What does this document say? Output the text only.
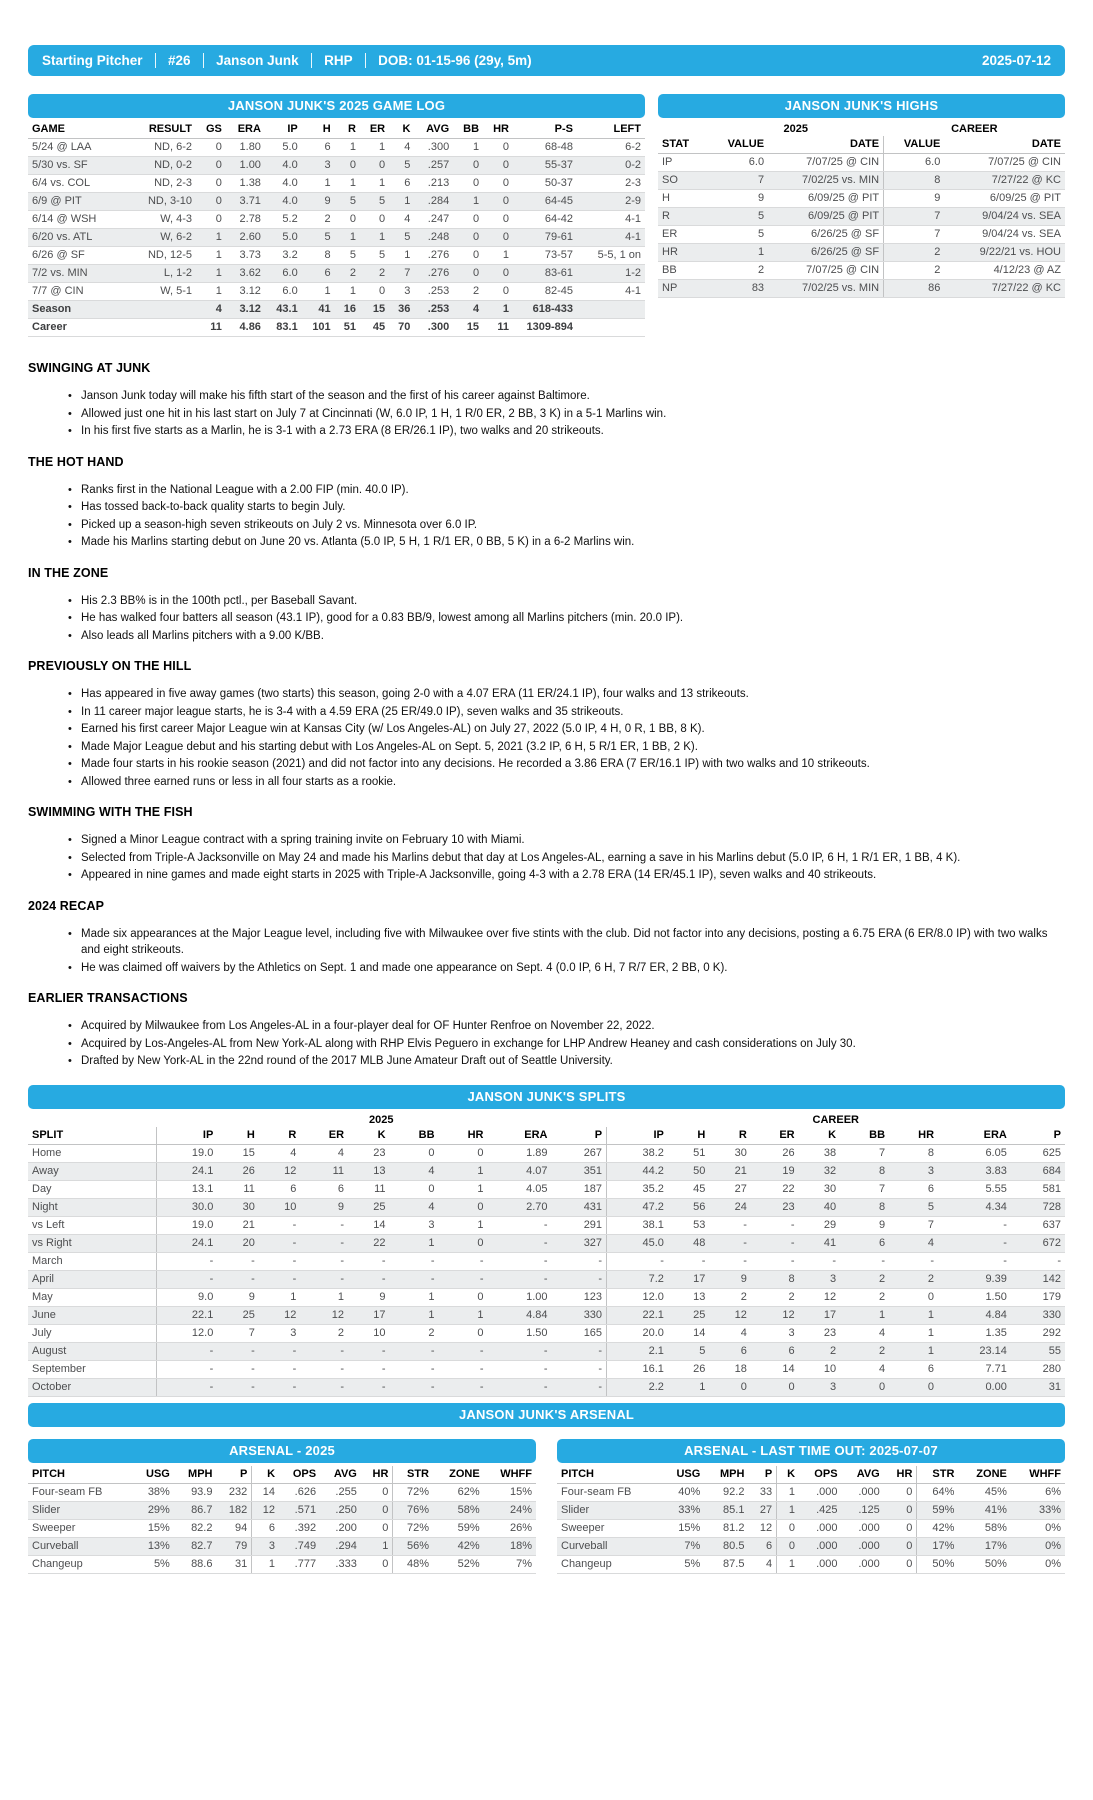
Starting Pitcher #26 Janson Junk RHP DOB: 01-15-96 (29y, 5m)	2025-07-12
JANSON JUNK'S 2025 GAME LOG
GAME	RESULT	GS	ERA	IP	H	R	ER	K	AVG	BB	HR	P-S	LEFT
5/24 @ LAA	ND, 6-2	0	1.80	5.0	6	1	1	4	.300	1	0	68-48	6-2
5/30 vs. SF	ND, 0-2	0	1.00	4.0	3	0	0	5	.257	0	0	55-37	0-2
6/4 vs. COL	ND, 2-3	0	1.38	4.0	1	1	1	6	.213	0	0	50-37	2-3
6/9 @ PIT	ND, 3-10	0	3.71	4.0	9	5	5	1	.284	1	0	64-45	2-9
6/14 @ WSH	W, 4-3	0	2.78	5.2	2	0	0	4	.247	0	0	64-42	4-1
6/20 vs. ATL	W, 6-2	1	2.60	5.0	5	1	1	5	.248	0	0	79-61	4-1
6/26 @ SF	ND, 12-5	1	3.73	3.2	8	5	5	1	.276	0	1	73-57	5-5, 1 on
7/2 vs. MIN	L, 1-2	1	3.62	6.0	6	2	2	7	.276	0	0	83-61	1-2
7/7 @ CIN	W, 5-1	1	3.12	6.0	1	1	0	3	.253	2	0	82-45	4-1
Season		4	3.12	43.1	41	16	15	36	.253	4	1	618-433	
Career		11	4.86	83.1	101	51	45	70	.300	15	11	1309-894	
JANSON JUNK'S HIGHS
	2025		CAREER	
STAT	VALUE	DATE	VALUE	DATE
IP	6.0	7/07/25 @ CIN	6.0	7/07/25 @ CIN
SO	7	7/02/25 vs. MIN	8	7/27/22 @ KC
H	9	6/09/25 @ PIT	9	6/09/25 @ PIT
R	5	6/09/25 @ PIT	7	9/04/24 vs. SEA
ER	5	6/26/25 @ SF	7	9/04/24 vs. SEA
HR	1	6/26/25 @ SF	2	9/22/21 vs. HOU
BB	2	7/07/25 @ CIN	2	4/12/23 @ AZ
NP	83	7/02/25 vs. MIN	86	7/27/22 @ KC
SWINGING AT JUNK
• Janson Junk today will make his fifth start of the season and the first of his career against Baltimore.
• Allowed just one hit in his last start on July 7 at Cincinnati (W, 6.0 IP, 1 H, 1 R/0 ER, 2 BB, 3 K) in a 5-1 Marlins win.
• In his first five starts as a Marlin, he is 3-1 with a 2.73 ERA (8 ER/26.1 IP), two walks and 20 strikeouts.
THE HOT HAND
• Ranks first in the National League with a 2.00 FIP (min. 40.0 IP).
• Has tossed back-to-back quality starts to begin July.
• Picked up a season-high seven strikeouts on July 2 vs. Minnesota over 6.0 IP.
• Made his Marlins starting debut on June 20 vs. Atlanta (5.0 IP, 5 H, 1 R/1 ER, 0 BB, 5 K) in a 6-2 Marlins win.
IN THE ZONE
• His 2.3 BB% is in the 100th pctl., per Baseball Savant.
• He has walked four batters all season (43.1 IP), good for a 0.83 BB/9, lowest among all Marlins pitchers (min. 20.0 IP).
• Also leads all Marlins pitchers with a 9.00 K/BB.
PREVIOUSLY ON THE HILL
• Has appeared in five away games (two starts) this season, going 2-0 with a 4.07 ERA (11 ER/24.1 IP), four walks and 13 strikeouts.
• In 11 career major league starts, he is 3-4 with a 4.59 ERA (25 ER/49.0 IP), seven walks and 35 strikeouts.
• Earned his first career Major League win at Kansas City (w/ Los Angeles-AL) on July 27, 2022 (5.0 IP, 4 H, 0 R, 1 BB, 8 K).
• Made Major League debut and his starting debut with Los Angeles-AL on Sept. 5, 2021 (3.2 IP, 6 H, 5 R/1 ER, 1 BB, 2 K).
• Made four starts in his rookie season (2021) and did not factor into any decisions. He recorded a 3.86 ERA (7 ER/16.1 IP) with two walks and 10 strikeouts.
• Allowed three earned runs or less in all four starts as a rookie.
SWIMMING WITH THE FISH
• Signed a Minor League contract with a spring training invite on February 10 with Miami.
• Selected from Triple-A Jacksonville on May 24 and made his Marlins debut that day at Los Angeles-AL, earning a save in his Marlins debut (5.0 IP, 6 H, 1 R/1 ER, 1 BB, 4 K).
• Appeared in nine games and made eight starts in 2025 with Triple-A Jacksonville, going 4-3 with a 2.78 ERA (14 ER/45.1 IP), seven walks and 40 strikeouts.
2024 RECAP
• Made six appearances at the Major League level, including five with Milwaukee over five stints with the club. Did not factor into any decisions, posting a 6.75 ERA (6 ER/8.0 IP) with two walks and eight strikeouts.
• He was claimed off waivers by the Athletics on Sept. 1 and made one appearance on Sept. 4 (0.0 IP, 6 H, 7 R/7 ER, 2 BB, 0 K).
EARLIER TRANSACTIONS
• Acquired by Milwaukee from Los Angeles-AL in a four-player deal for OF Hunter Renfroe on November 22, 2022.
• Acquired by Los-Angeles-AL from New York-AL along with RHP Elvis Peguero in exchange for LHP Andrew Heaney and cash considerations on July 30.
• Drafted by New York-AL in the 22nd round of the 2017 MLB June Amateur Draft out of Seattle University.
JANSON JUNK'S SPLITS
	2025									CAREER								
SPLIT	IP	H	R	ER	K	BB	HR	ERA	P	IP	H	R	ER	K	BB	HR	ERA	P
Home	19.0	15	4	4	23	0	0	1.89	267	38.2	51	30	26	38	7	8	6.05	625
Away	24.1	26	12	11	13	4	1	4.07	351	44.2	50	21	19	32	8	3	3.83	684
Day	13.1	11	6	6	11	0	1	4.05	187	35.2	45	27	22	30	7	6	5.55	581
Night	30.0	30	10	9	25	4	0	2.70	431	47.2	56	24	23	40	8	5	4.34	728
vs Left	19.0	21	-	-	14	3	1	-	291	38.1	53	-	-	29	9	7	-	637
vs Right	24.1	20	-	-	22	1	0	-	327	45.0	48	-	-	41	6	4	-	672
March	-	-	-	-	-	-	-	-	-	-	-	-	-	-	-	-	-	-
April	-	-	-	-	-	-	-	-	-	7.2	17	9	8	3	2	2	9.39	142
May	9.0	9	1	1	9	1	0	1.00	123	12.0	13	2	2	12	2	0	1.50	179
June	22.1	25	12	12	17	1	1	4.84	330	22.1	25	12	12	17	1	1	4.84	330
July	12.0	7	3	2	10	2	0	1.50	165	20.0	14	4	3	23	4	1	1.35	292
August	-	-	-	-	-	-	-	-	-	2.1	5	6	6	2	2	1	23.14	55
September	-	-	-	-	-	-	-	-	-	16.1	26	18	14	10	4	6	7.71	280
October	-	-	-	-	-	-	-	-	-	2.2	1	0	0	3	0	0	0.00	31
JANSON JUNK'S ARSENAL
ARSENAL - 2025
PITCH	USG	MPH	P	K	OPS	AVG	HR	STR	ZONE	WHFF
Four-seam FB	38%	93.9	232	14	.626	.255	0	72%	62%	15%
Slider	29%	86.7	182	12	.571	.250	0	76%	58%	24%
Sweeper	15%	82.2	94	6	.392	.200	0	72%	59%	26%
Curveball	13%	82.7	79	3	.749	.294	1	56%	42%	18%
Changeup	5%	88.6	31	1	.777	.333	0	48%	52%	7%
ARSENAL - LAST TIME OUT: 2025-07-07
PITCH	USG	MPH	P	K	OPS	AVG	HR	STR	ZONE	WHFF
Four-seam FB	40%	92.2	33	1	.000	.000	0	64%	45%	6%
Slider	33%	85.1	27	1	.425	.125	0	59%	41%	33%
Sweeper	15%	81.2	12	0	.000	.000	0	42%	58%	0%
Curveball	7%	80.5	6	0	.000	.000	0	17%	17%	0%
Changeup	5%	87.5	4	1	.000	.000	0	50%	50%	0%
